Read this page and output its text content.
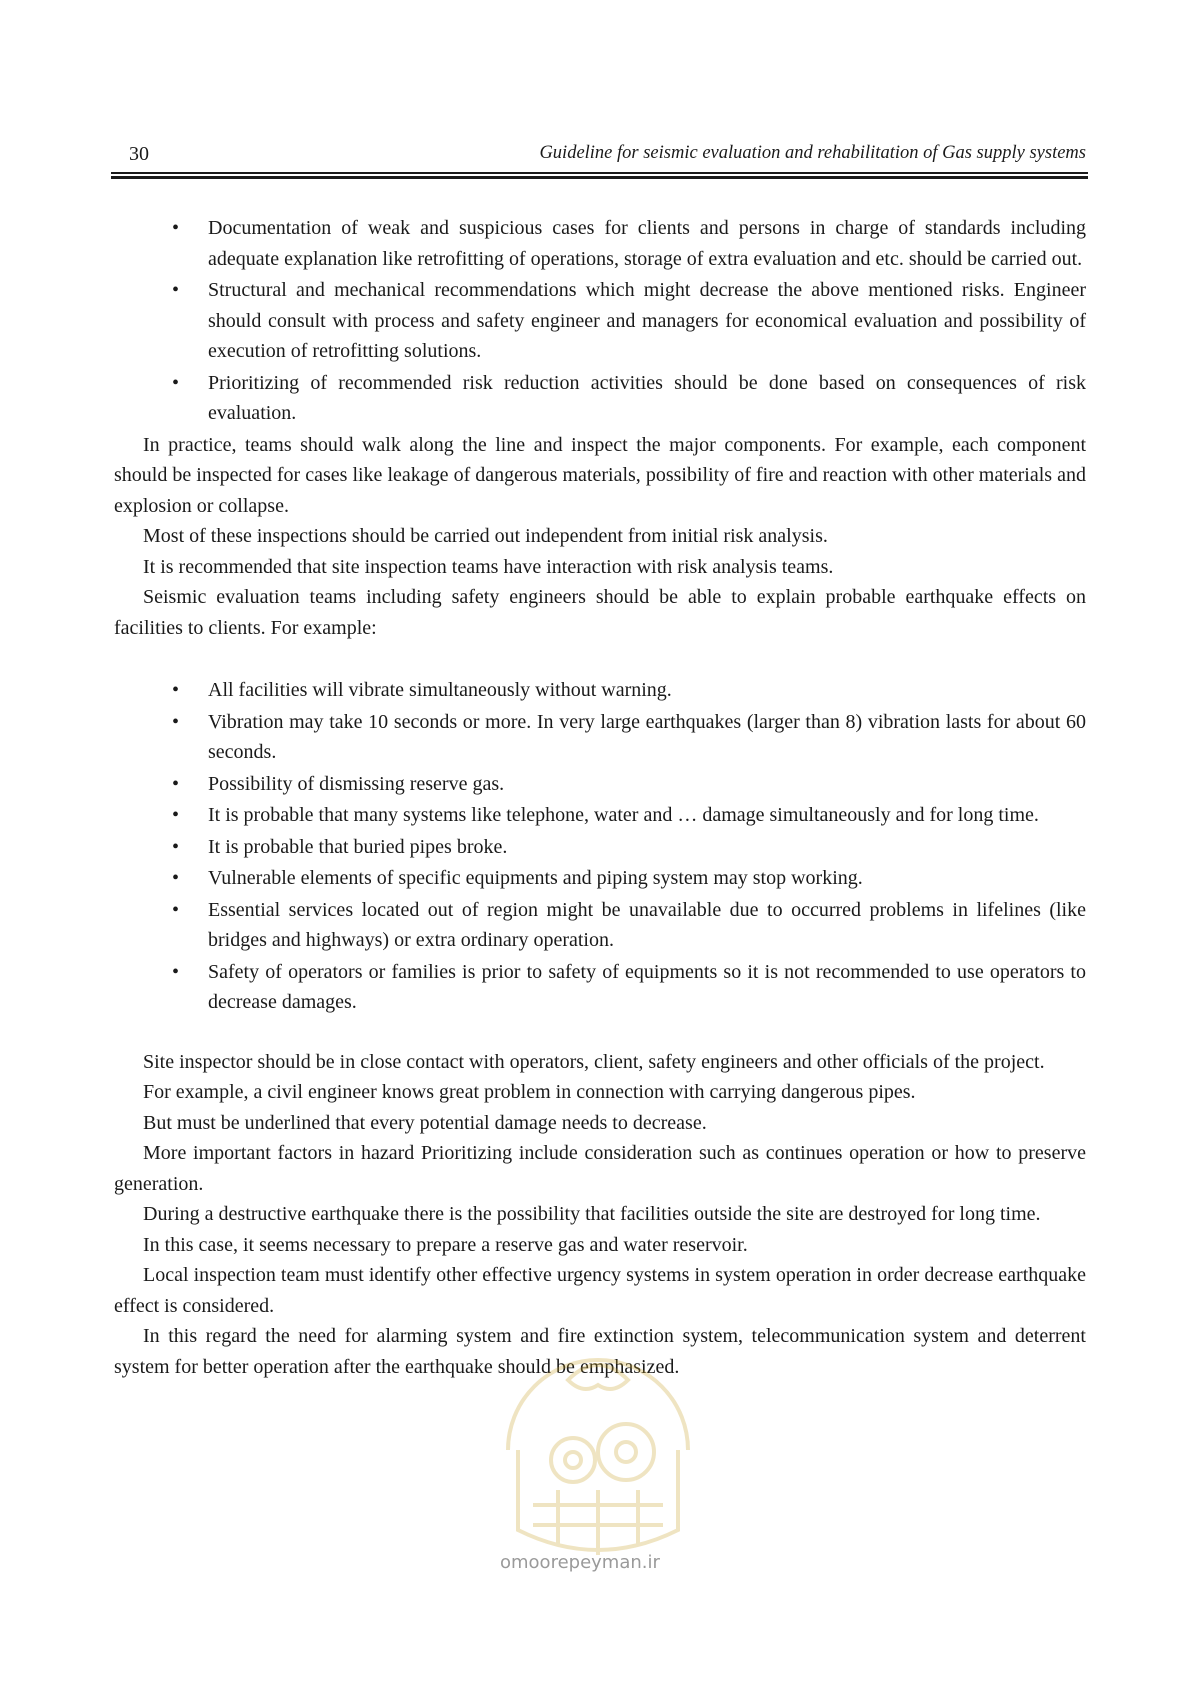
30	Guideline for seismic evaluation and rehabilitation of Gas supply systems
• Documentation of weak and suspicious cases for clients and persons in charge of standards including adequate explanation like retrofitting of operations, storage of extra evaluation and etc. should be carried out.
• Structural and mechanical recommendations which might decrease the above mentioned risks. Engineer should consult with process and safety engineer and managers for economical evaluation and possibility of execution of retrofitting solutions.
• Prioritizing of recommended risk reduction activities should be done based on consequences of risk evaluation.

In practice, teams should walk along the line and inspect the major components. For example, each component should be inspected for cases like leakage of dangerous materials, possibility of fire and reaction with other materials and explosion or collapse.

Most of these inspections should be carried out independent from initial risk analysis.

It is recommended that site inspection teams have interaction with risk analysis teams.

Seismic evaluation teams including safety engineers should be able to explain probable earthquake effects on facilities to clients. For example:

• All facilities will vibrate simultaneously without warning.
• Vibration may take 10 seconds or more. In very large earthquakes (larger than 8) vibration lasts for about 60 seconds.
• Possibility of dismissing reserve gas.
• It is probable that many systems like telephone, water and … damage simultaneously and for long time.
• It is probable that buried pipes broke.
• Vulnerable elements of specific equipments and piping system may stop working.
• Essential services located out of region might be unavailable due to occurred problems in lifelines (like bridges and highways) or extra ordinary operation.
• Safety of operators or families is prior to safety of equipments so it is not recommended to use operators to decrease damages.

Site inspector should be in close contact with operators, client, safety engineers and other officials of the project.

For example, a civil engineer knows great problem in connection with carrying dangerous pipes.

But must be underlined that every potential damage needs to decrease.

More important factors in hazard Prioritizing include consideration such as continues operation or how to preserve generation.

During a destructive earthquake there is the possibility that facilities outside the site are destroyed for long time.

In this case, it seems necessary to prepare a reserve gas and water reservoir.

Local inspection team must identify other effective urgency systems in system operation in order decrease earthquake effect is considered.

In this regard the need for alarming system and fire extinction system, telecommunication system and deterrent system for better operation after the earthquake should be emphasized.

omoorepeyman.ir
